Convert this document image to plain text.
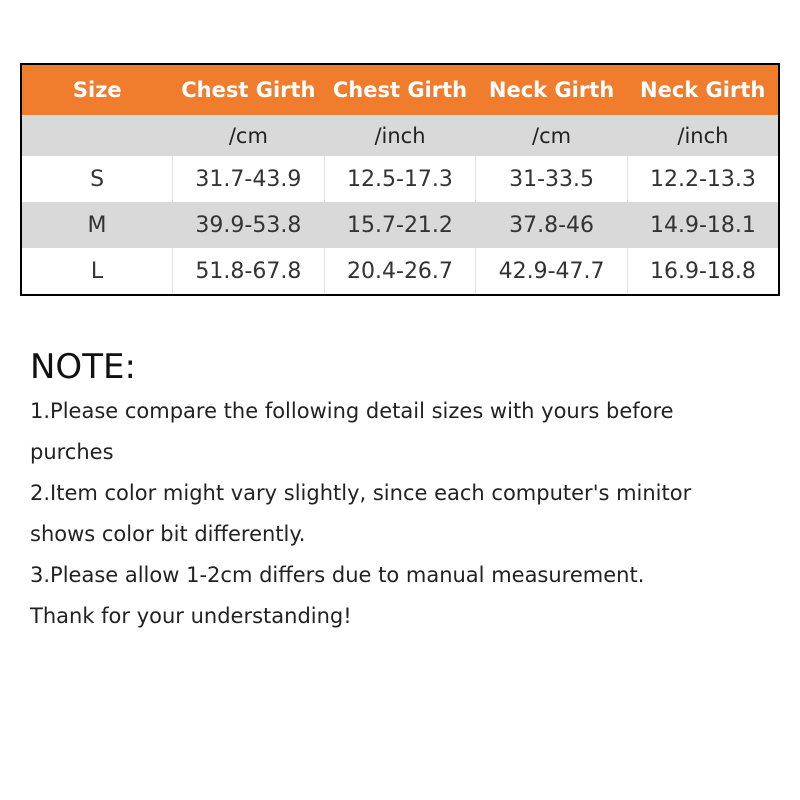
Size	Chest Girth	Chest Girth	Neck Girth	Neck Girth
	/cm	/inch	/cm	/inch
S	31.7-43.9	12.5-17.3	31-33.5	12.2-13.3
M	39.9-53.8	15.7-21.2	37.8-46	14.9-18.1
L	51.8-67.8	20.4-26.7	42.9-47.7	16.9-18.8
NOTE:

1.Please compare the following detail sizes with yours before

purches

2.Item color might vary slightly, since each computer's minitor

shows color bit differently.

3.Please allow 1-2cm differs due to manual measurement.

Thank for your understanding!
